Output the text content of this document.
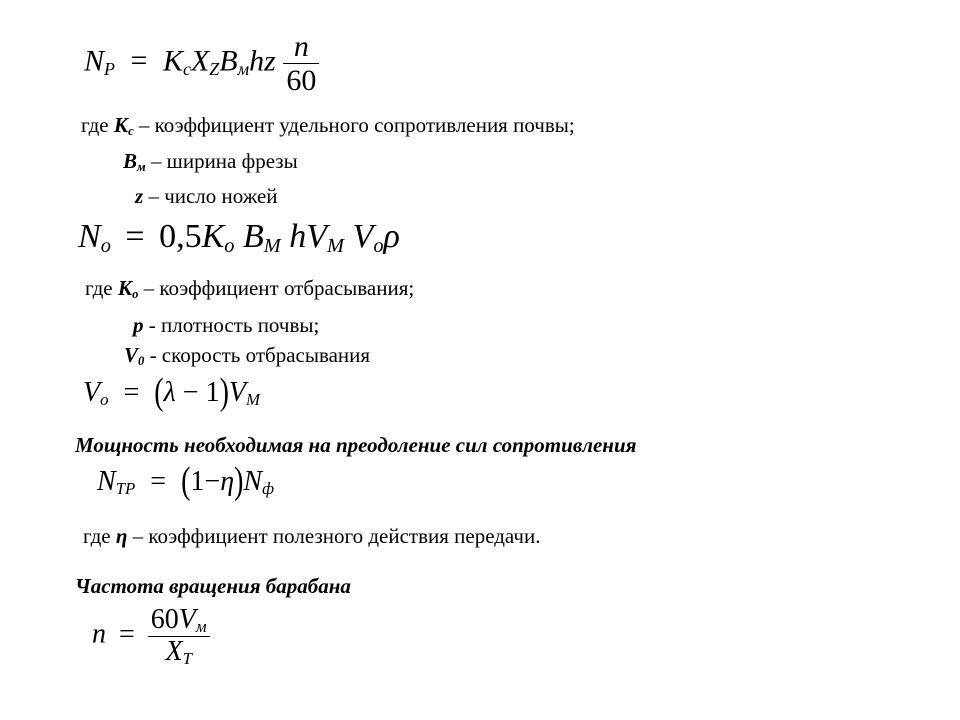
$N_P = K_cX_ZB_мhz \frac{n}{60}$
где $К_с$ – коэффициент удельного сопротивления почвы;
$В_м$ – ширина фрезы
z – число ножей
$N_o = 0,5K_o$ $B_M$ $hV_M$ $V_o\rho$
где $К_о$ – коэффициент отбрасывания;
р - плотность почвы;
$V_0$ - скорость отбрасывания
$V_o = (\lambda - 1)V_M$
Мощность необходимая на преодоление сил сопротивления
$N_{TP} = (1-\eta)N_ф$
где η – коэффициент полезного действия передачи.
Частота вращения барабана
$n = \frac{60V_м}{X_T}$
